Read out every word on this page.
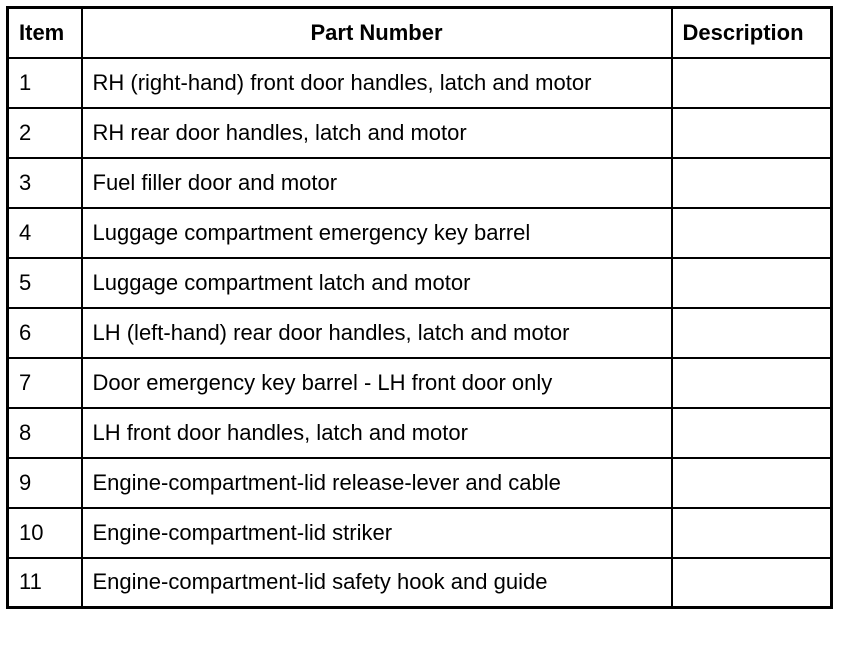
Item	Part Number	Description
1	RH (right-hand) front door handles, latch and motor	
2	RH rear door handles, latch and motor	
3	Fuel filler door and motor	
4	Luggage compartment emergency key barrel	
5	Luggage compartment latch and motor	
6	LH (left-hand) rear door handles, latch and motor	
7	Door emergency key barrel - LH front door only	
8	LH front door handles, latch and motor	
9	Engine-compartment-lid release-lever and cable	
10	Engine-compartment-lid striker	
11	Engine-compartment-lid safety hook and guide	
